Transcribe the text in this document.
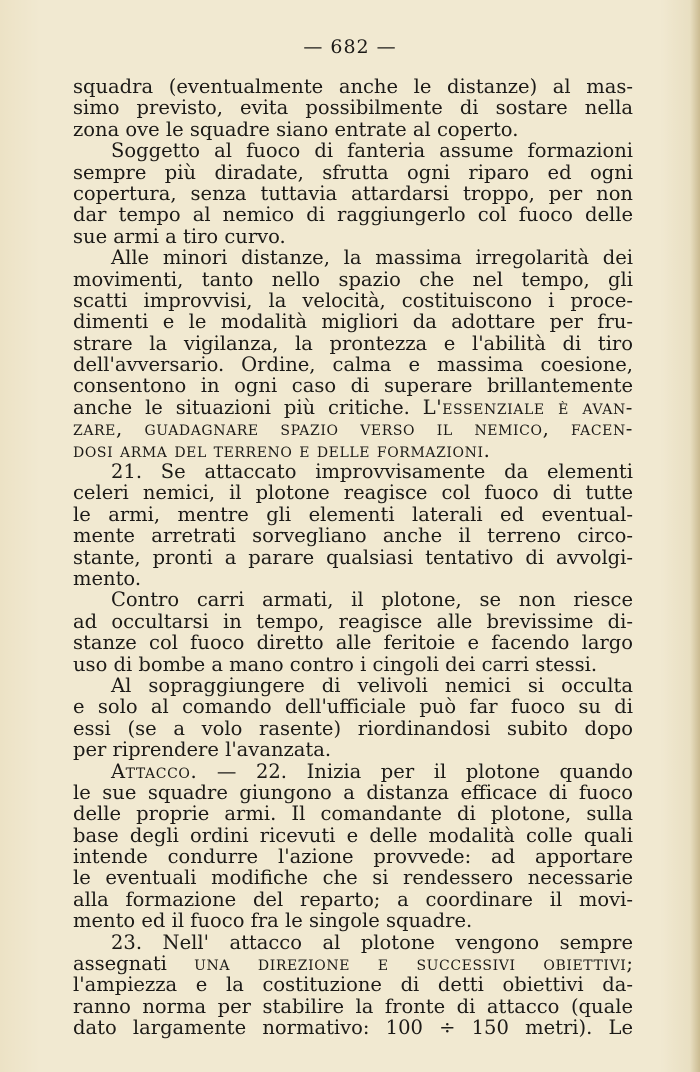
— 682 —
squadra (eventualmente anche le distanze) al mas-
simo previsto, evita possibilmente di sostare nella
zona ove le squadre siano entrate al coperto.
Soggetto al fuoco di fanteria assume formazioni
sempre più diradate, sfrutta ogni riparo ed ogni
copertura, senza tuttavia attardarsi troppo, per non
dar tempo al nemico di raggiungerlo col fuoco delle
sue armi a tiro curvo.
Alle minori distanze, la massima irregolarità dei
movimenti, tanto nello spazio che nel tempo, gli
scatti improvvisi, la velocità, costituiscono i proce-
dimenti e le modalità migliori da adottare per fru-
strare la vigilanza, la prontezza e l'abilità di tiro
dell'avversario. Ordine, calma e massima coesione,
consentono in ogni caso di superare brillantemente
anche le situazioni più critiche. L'essenziale è avan-
zare, guadagnare spazio verso il nemico, facen-
dosi arma del terreno e delle formazioni.
21. Se attaccato improvvisamente da elementi
celeri nemici, il plotone reagisce col fuoco di tutte
le armi, mentre gli elementi laterali ed eventual-
mente arretrati sorvegliano anche il terreno circo-
stante, pronti a parare qualsiasi tentativo di avvolgi-
mento.
Contro carri armati, il plotone, se non riesce
ad occultarsi in tempo, reagisce alle brevissime di-
stanze col fuoco diretto alle feritoie e facendo largo
uso di bombe a mano contro i cingoli dei carri stessi.
Al sopraggiungere di velivoli nemici si occulta
e solo al comando dell'ufficiale può far fuoco su di
essi (se a volo rasente) riordinandosi subito dopo
per riprendere l'avanzata.
Attacco. — 22. Inizia per il plotone quando
le sue squadre giungono a distanza efficace di fuoco
delle proprie armi. Il comandante di plotone, sulla
base degli ordini ricevuti e delle modalità colle quali
intende condurre l'azione provvede: ad apportare
le eventuali modifiche che si rendessero necessarie
alla formazione del reparto; a coordinare il movi-
mento ed il fuoco fra le singole squadre.
23. Nell' attacco al plotone vengono sempre
assegnati una direzione e successivi obiettivi;
l'ampiezza e la costituzione di detti obiettivi da-
ranno norma per stabilire la fronte di attacco (quale
dato largamente normativo: 100 ÷ 150 metri). Le
